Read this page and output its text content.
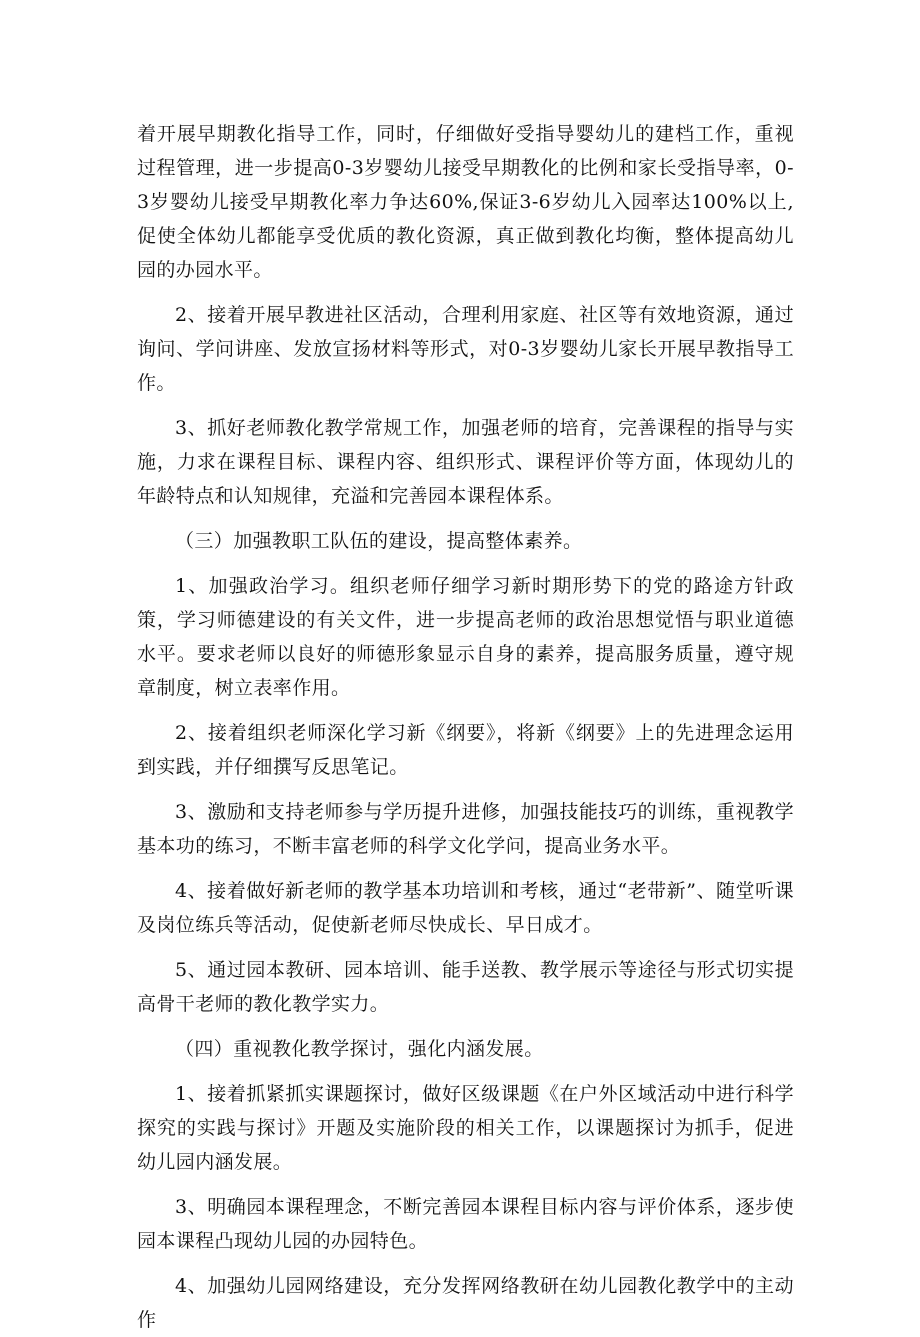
着开展早期教化指导工作，同时，仔细做好受指导婴幼儿的建档工作，重视过程管理，进一步提高0-3岁婴幼儿接受早期教化的比例和家长受指导率，0-3岁婴幼儿接受早期教化率力争达60%,保证3-6岁幼儿入园率达100%以上,促使全体幼儿都能享受优质的教化资源，真正做到教化均衡，整体提高幼儿园的办园水平。

2、接着开展早教进社区活动，合理利用家庭、社区等有效地资源，通过询问、学问讲座、发放宣扬材料等形式，对0-3岁婴幼儿家长开展早教指导工作。

3、抓好老师教化教学常规工作，加强老师的培育，完善课程的指导与实施，力求在课程目标、课程内容、组织形式、课程评价等方面，体现幼儿的年龄特点和认知规律，充溢和完善园本课程体系。

（三）加强教职工队伍的建设，提高整体素养。

1、加强政治学习。组织老师仔细学习新时期形势下的党的路途方针政策，学习师德建设的有关文件，进一步提高老师的政治思想觉悟与职业道德水平。要求老师以良好的师德形象显示自身的素养，提高服务质量，遵守规章制度，树立表率作用。

2、接着组织老师深化学习新《纲要》，将新《纲要》上的先进理念运用到实践，并仔细撰写反思笔记。

3、激励和支持老师参与学历提升进修，加强技能技巧的训练，重视教学基本功的练习，不断丰富老师的科学文化学问，提高业务水平。

4、接着做好新老师的教学基本功培训和考核，通过“老带新”、随堂听课及岗位练兵等活动，促使新老师尽快成长、早日成才。

5、通过园本教研、园本培训、能手送教、教学展示等途径与形式切实提高骨干老师的教化教学实力。

（四）重视教化教学探讨，强化内涵发展。

1、接着抓紧抓实课题探讨，做好区级课题《在户外区域活动中进行科学探究的实践与探讨》开题及实施阶段的相关工作，以课题探讨为抓手，促进幼儿园内涵发展。

3、明确园本课程理念，不断完善园本课程目标内容与评价体系，逐步使园本课程凸现幼儿园的办园特色。

4、加强幼儿园网络建设，充分发挥网络教研在幼儿园教化教学中的主动作
